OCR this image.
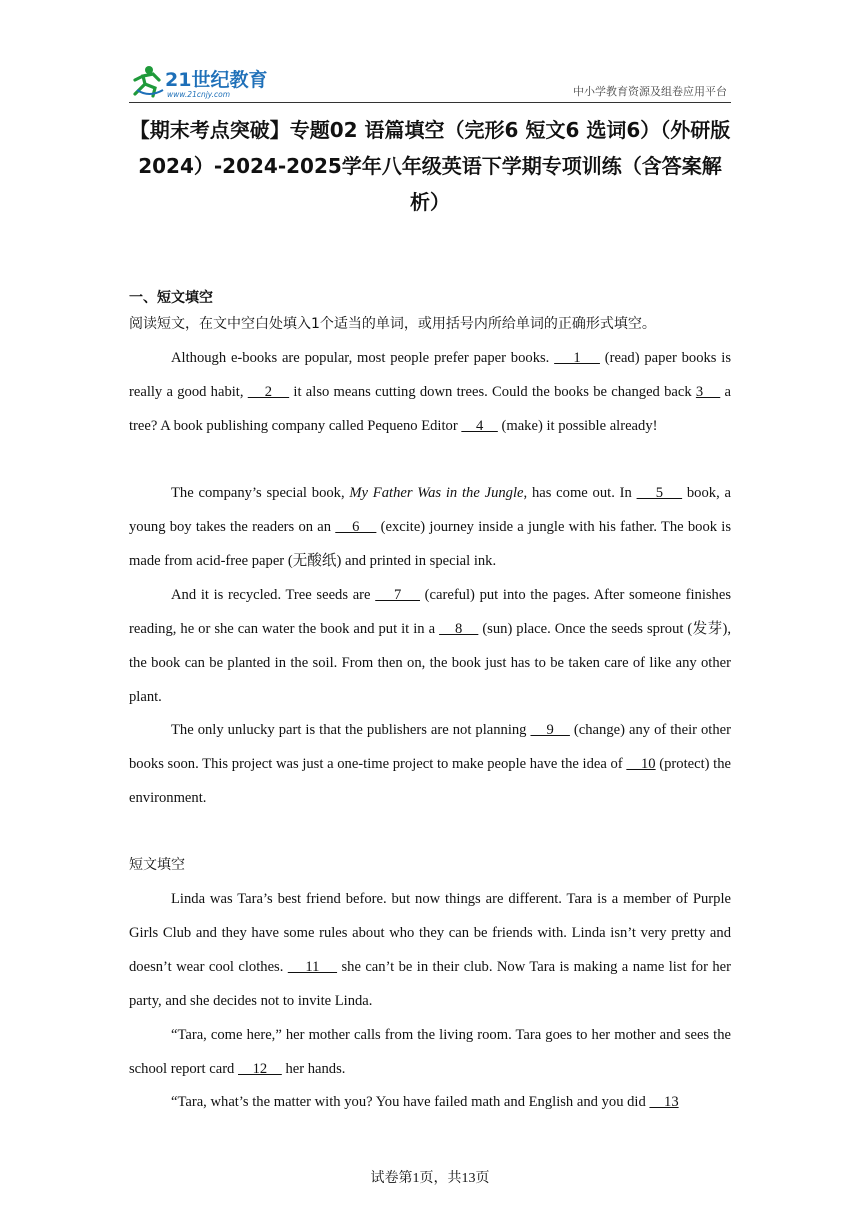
21世纪教育
www.21cnjy.com	中小学教育资源及组卷应用平台
【期末考点突破】专题02 语篇填空（完形6 短文6 选词6）（外研版2024）-2024-2025学年八年级英语下学期专项训练（含答案解析）
一、短文填空
阅读短文，在文中空白处填入1个适当的单词，或用括号内所给单词的正确形式填空。

Although e-books are popular, most people prefer paper books.     1     (read) paper books is really a good habit,     2     it also means cutting down trees. Could the books be changed back 3     a tree? A book publishing company called Pequeno Editor     4     (make) it possible already!

The company’s special book, My Father Was in the Jungle, has come out. In     5     book, a young boy takes the readers on an     6     (excite) journey inside a jungle with his father. The book is made from acid-free paper (无酸纸) and printed in special ink.

And it is recycled. Tree seeds are     7     (careful) put into the pages. After someone finishes reading, he or she can water the book and put it in a     8     (sun) place. Once the seeds sprout (发芽), the book can be planted in the soil. From then on, the book just has to be taken care of like any other plant.

The only unlucky part is that the publishers are not planning     9     (change) any of their other books soon. This project was just a one-time project to make people have the idea of     10 (protect) the environment.

短文填空

Linda was Tara’s best friend before. but now things are different. Tara is a member of Purple Girls Club and they have some rules about who they can be friends with. Linda isn’t very pretty and doesn’t wear cool clothes.     11     she can’t be in their club. Now Tara is making a name list for her party, and she decides not to invite Linda.

“Tara, come here,” her mother calls from the living room. Tara goes to her mother and sees the school report card     12     her hands.

“Tara, what’s the matter with you? You have failed math and English and you did     13

试卷第1页，共13页
